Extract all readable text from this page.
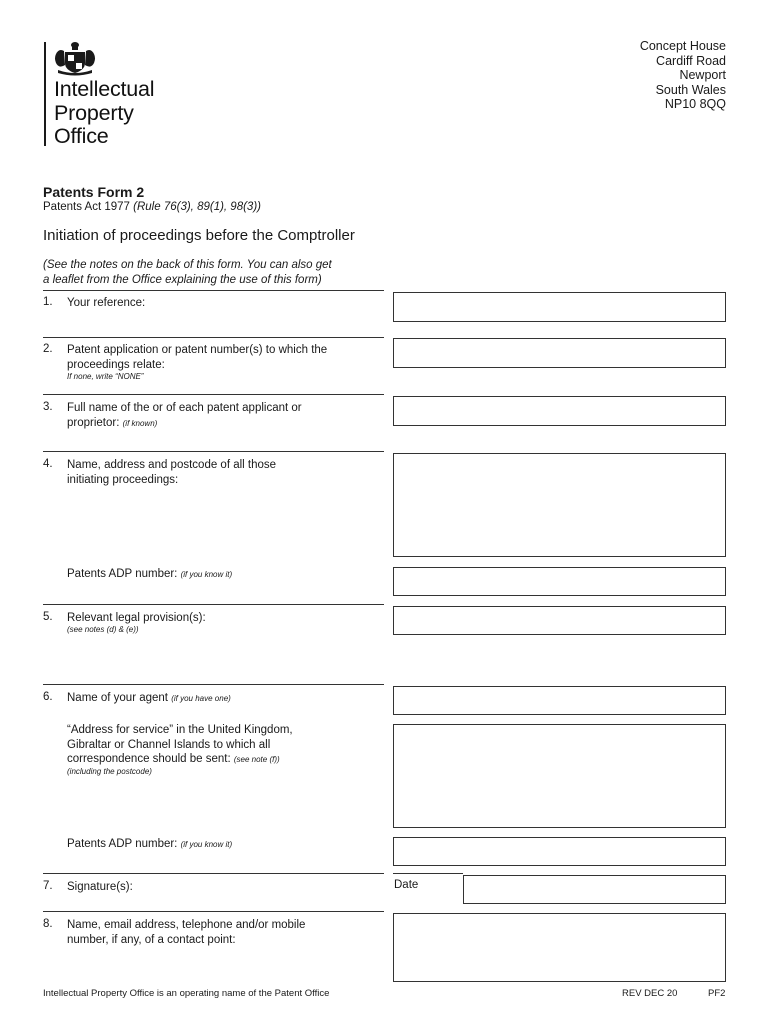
Intellectual
Property
Office
Concept House
Cardiff Road
Newport
South Wales
NP10 8QQ
Patents Form 2
Patents Act 1977 (Rule 76(3), 89(1), 98(3))
Initiation of proceedings before the Comptroller
(See the notes on the back of this form. You can also get
a leaflet from the Office explaining the use of this form)
1. Your reference:
2. Patent application or patent number(s) to which the
proceedings relate:
If none, write “NONE”
3. Full name of the or of each patent applicant or
proprietor: (if known)
4. Name, address and postcode of all those
initiating proceedings:
Patents ADP number: (if you know it)
5. Relevant legal provision(s):
(see notes (d) & (e))
6. Name of your agent (if you have one)
“Address for service” in the United Kingdom,
Gibraltar or Channel Islands to which all
correspondence should be sent: (see note (f))
(including the postcode)
Patents ADP number: (if you know it)
7. Signature(s):	Date
8. Name, email address, telephone and/or mobile
number, if any, of a contact point:
Intellectual Property Office is an operating name of the Patent Office	REV DEC 20	PF2
